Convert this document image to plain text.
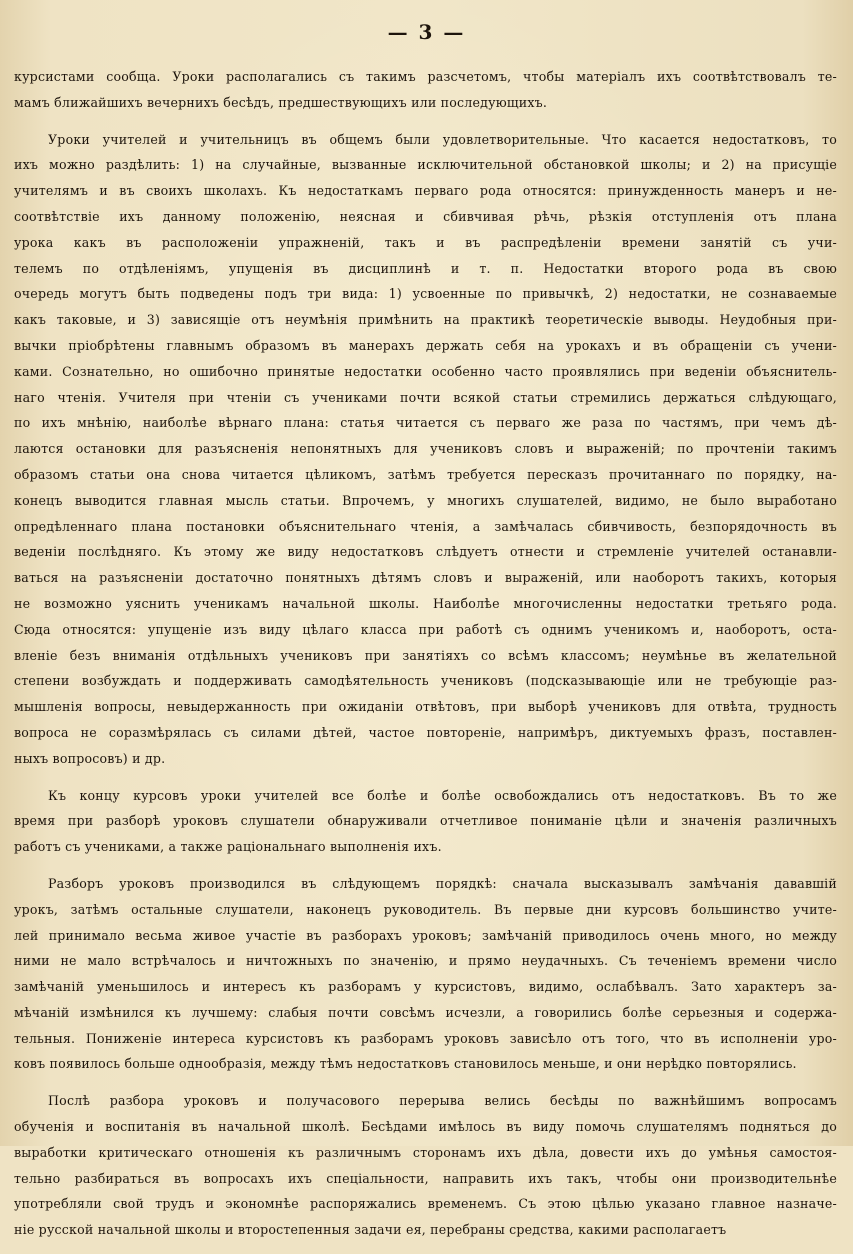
— 3 —
курсистами сообща. Уроки располагались съ такимъ разсчетомъ, чтобы матеріалъ ихъ соотвѣтствовалъ те-
мамъ ближайшихъ вечернихъ бесѣдъ, предшествующихъ или последующихъ.
Уроки учителей и учительницъ въ общемъ были удовлетворительные. Что касается недостатковъ, то
ихъ можно раздѣлить: 1) на случайные, вызванные исключительной обстановкой школы; и 2) на присущіе
учителямъ и въ своихъ школахъ. Къ недостаткамъ перваго рода относятся: принужденность манеръ и не-
соотвѣтствіе ихъ данному положенію, неясная и сбивчивая рѣчь, рѣзкія отступленія отъ плана
урока какъ въ расположеніи упражненій, такъ и въ распредѣленіи времени занятій съ учи-
телемъ по отдѣленіямъ, упущенія въ дисциплинѣ и т. п. Недостатки второго рода въ свою
очередь могутъ быть подведены подъ три вида: 1) усвоенные по привычкѣ, 2) недостатки, не сознаваемые
какъ таковые, и 3) зависящіе отъ неумѣнія примѣнить на практикѣ теоретическіе выводы. Неудобныя при-
вычки пріобрѣтены главнымъ образомъ въ манерахъ держать себя на урокахъ и въ обращеніи съ учени-
ками. Сознательно, но ошибочно принятые недостатки особенно часто проявлялись при веденіи объяснитель-
наго чтенія. Учителя при чтеніи съ учениками почти всякой статьи стремились держаться слѣдующаго,
по ихъ мнѣнію, наиболѣе вѣрнаго плана: статья читается съ перваго же раза по частямъ, при чемъ дѣ-
лаются остановки для разъясненія непонятныхъ для учениковъ словъ и выраженій; по прочтеніи такимъ
образомъ статьи она снова читается цѣликомъ, затѣмъ требуется пересказъ прочитаннаго по порядку, на-
конецъ выводится главная мысль статьи. Впрочемъ, у многихъ слушателей, видимо, не было выработано
опредѣленнаго плана постановки объяснительнаго чтенія, а замѣчалась сбивчивость, безпорядочность въ
веденіи послѣдняго. Къ этому же виду недостатковъ слѣдуетъ отнести и стремленіе учителей останавли-
ваться на разъясненіи достаточно понятныхъ дѣтямъ словъ и выраженій, или наоборотъ такихъ, которыя
не возможно уяснить ученикамъ начальной школы. Наиболѣе многочисленны недостатки третьяго рода.
Сюда относятся: упущеніе изъ виду цѣлаго класса при работѣ съ однимъ ученикомъ и, наоборотъ, оста-
вленіе безъ вниманія отдѣльныхъ учениковъ при занятіяхъ со всѣмъ классомъ; неумѣнье въ желательной
степени возбуждать и поддерживать самодѣятельность учениковъ (подсказывающіе или не требующіе раз-
мышленія вопросы, невыдержанность при ожиданіи отвѣтовъ, при выборѣ учениковъ для отвѣта, трудность
вопроса не соразмѣрялась съ силами дѣтей, частое повтореніе, напримѣръ, диктуемыхъ фразъ, поставлен-
ныхъ вопросовъ) и др.
Къ концу курсовъ уроки учителей все болѣе и болѣе освобождались отъ недостатковъ. Въ то же
время при разборѣ уроковъ слушатели обнаруживали отчетливое пониманіе цѣли и значенія различныхъ
работъ съ учениками, а также раціональнаго выполненія ихъ.
Разборъ уроковъ производился въ слѣдующемъ порядкѣ: сначала высказывалъ замѣчанія дававшій
урокъ, затѣмъ остальные слушатели, наконецъ руководитель. Въ первые дни курсовъ большинство учите-
лей принимало весьма живое участіе въ разборахъ уроковъ; замѣчаній приводилось очень много, но между
ними не мало встрѣчалось и ничтожныхъ по значенію, и прямо неудачныхъ. Съ теченіемъ времени число
замѣчаній уменьшилось и интересъ къ разборамъ у курсистовъ, видимо, ослабѣвалъ. Зато характеръ за-
мѣчаній измѣнился къ лучшему: слабыя почти совсѣмъ исчезли, а говорились болѣе серьезныя и содержа-
тельныя. Пониженіе интереса курсистовъ къ разборамъ уроковъ зависѣло отъ того, что въ исполненіи уро-
ковъ появилось больше однообразія, между тѣмъ недостатковъ становилось меньше, и они нерѣдко повторялись.
Послѣ разбора уроковъ и получасового перерыва велись бесѣды по важнѣйшимъ вопросамъ
обученія и воспитанія въ начальной школѣ. Бесѣдами имѣлось въ виду помочь слушателямъ подняться до
выработки критическаго отношенія къ различнымъ сторонамъ ихъ дѣла, довести ихъ до умѣнья самостоя-
тельно разбираться въ вопросахъ ихъ спеціальности, направить ихъ такъ, чтобы они производительнѣе
употребляли свой трудъ и экономнѣе распоряжались временемъ. Съ этою цѣлью указано главное назначе-
ніе русской начальной школы и второстепенныя задачи ея, перебраны средства, какими располагаетъ
